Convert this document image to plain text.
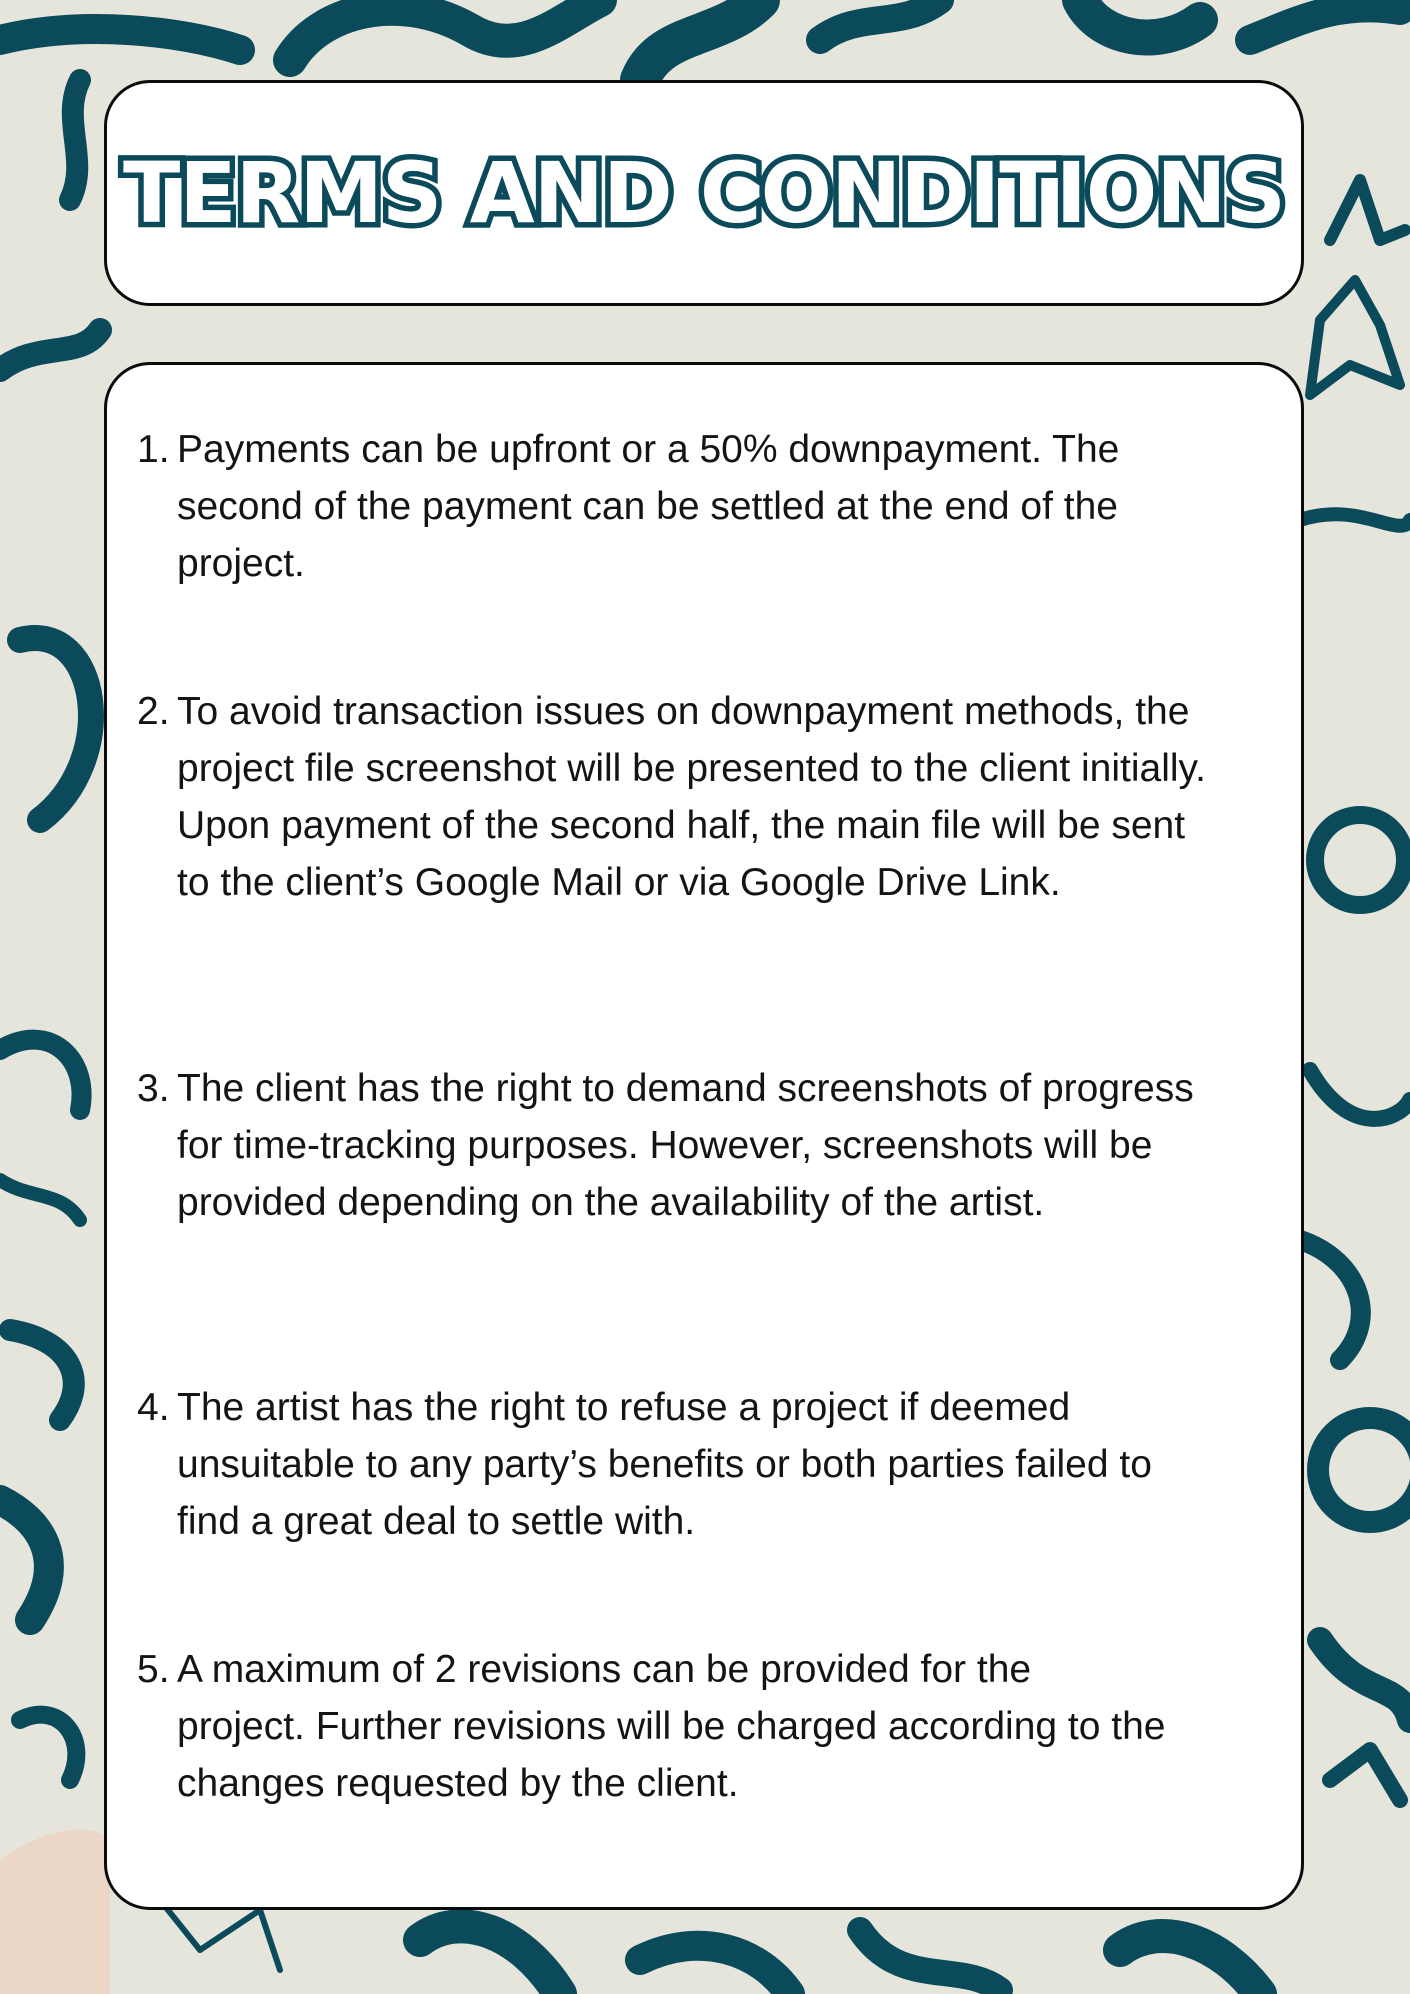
TERMS AND CONDITIONS
1. Payments can be upfront or a 50% downpayment. The
second of the payment can be settled at the end of the
project.
2. To avoid transaction issues on downpayment methods, the
project file screenshot will be presented to the client initially.
Upon payment of the second half, the main file will be sent
to the client’s Google Mail or via Google Drive Link.
3. The client has the right to demand screenshots of progress
for time-tracking purposes. However, screenshots will be
provided depending on the availability of the artist.
4. The artist has the right to refuse a project if deemed
unsuitable to any party’s benefits or both parties failed to
find a great deal to settle with.
5. A maximum of 2 revisions can be provided for the
project. Further revisions will be charged according to the
changes requested by the client.
